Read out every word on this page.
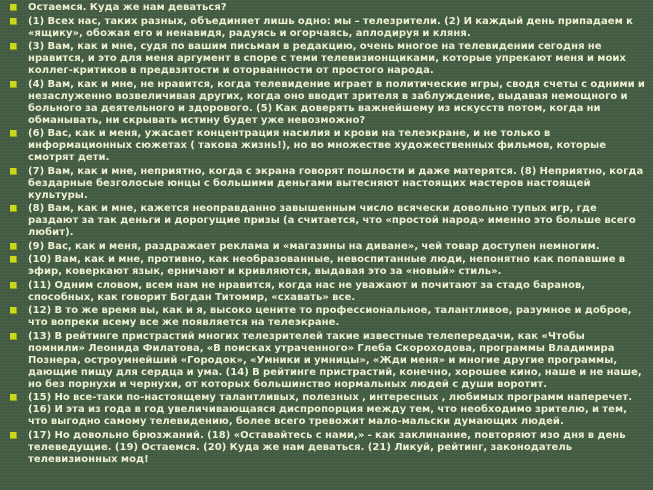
Остаемся. Куда же нам деваться?
(1) Всех нас, таких разных, объединяет лишь одно: мы – телезрители. (2) И каждый день припадаем к «ящику», обожая его и ненавидя, радуясь и огорчаясь, аплодируя и кляня.
(3) Вам, как и мне, судя по вашим письмам в редакцию, очень многое на телевидении сегодня не нравится, и это для меня аргумент в споре с теми телевизионщиками, которые упрекают меня и моих коллег-критиков в предвзятости и оторванности от простого народа.
(4) Вам, как и мне, не нравится, когда телевидение играет в политические игры, сводя счеты с одними и незаслуженно возвеличивая других, когда оно вводит зрителя в заблуждение, выдавая немощного и больного за деятельного и здорового. (5) Как доверять важнейшему из искусств потом, когда ни обманывать, ни скрывать истину будет уже невозможно?
(6) Вас, как и меня, ужасает концентрация насилия и крови на телеэкране, и не только в информационных сюжетах ( такова жизнь!), но во множестве художественных фильмов, которые смотрят дети.
(7) Вам, как и мне, неприятно, когда с экрана говорят пошлости и даже матерятся. (8) Неприятно, когда бездарные безголосые юнцы с большими деньгами вытесняют настоящих мастеров настоящей культуры.
(8) Вам, как и мне, кажется неоправданно завышенным число всячески довольно тупых игр, где раздают за так деньги и дорогущие призы (а считается, что «простой народ» именно это больше всего любит).
(9) Вас, как и меня, раздражает реклама и «магазины на диване», чей товар доступен немногим.
(10) Вам, как и мне, противно, как необразованные, невоспитанные люди, непонятно как попавшие в эфир, коверкают язык, ерничают и кривляются, выдавая это за «новый» стиль».
(11) Одним словом, всем нам не нравится, когда нас не уважают и почитают за стадо баранов, способных, как говорит Богдан Титомир, «схавать» все.
(12) В то же время вы, как и я, высоко цените то профессиональное, талантливое, разумное и доброе, что вопреки всему все же появляется на телеэкране.
(13) В рейтинге пристрастий многих телезрителей такие известные телепередачи, как «Чтобы помнили» Леонида Филатова, «В поисках утраченного» Глеба Скороходова, программы Владимира Познера, остроумнейший «Городок», «Умники и умницы», «Жди меня» и многие другие программы, дающие пищу для сердца и ума. (14) В рейтинге пристрастий, конечно, хорошее кино, наше и не наше, но без порнухи и чернухи, от которых большинство нормальных людей с души воротит.
(15) Но все-таки по-настоящему талантливых, полезных , интересных , любимых программ наперечет. (16) И эта из года в год увеличивающаяся диспропорция между тем, что необходимо зрителю, и тем, что выгодно самому телевидению, более всего тревожит мало-мальски думающих людей.
(17) Но довольно брюзжаний. (18) «Оставайтесь с нами,» - как заклинание, повторяют изо дня в день телеведущие. (19) Остаемся. (20) Куда же нам деваться. (21) Ликуй, рейтинг, законодатель телевизионных мод!
